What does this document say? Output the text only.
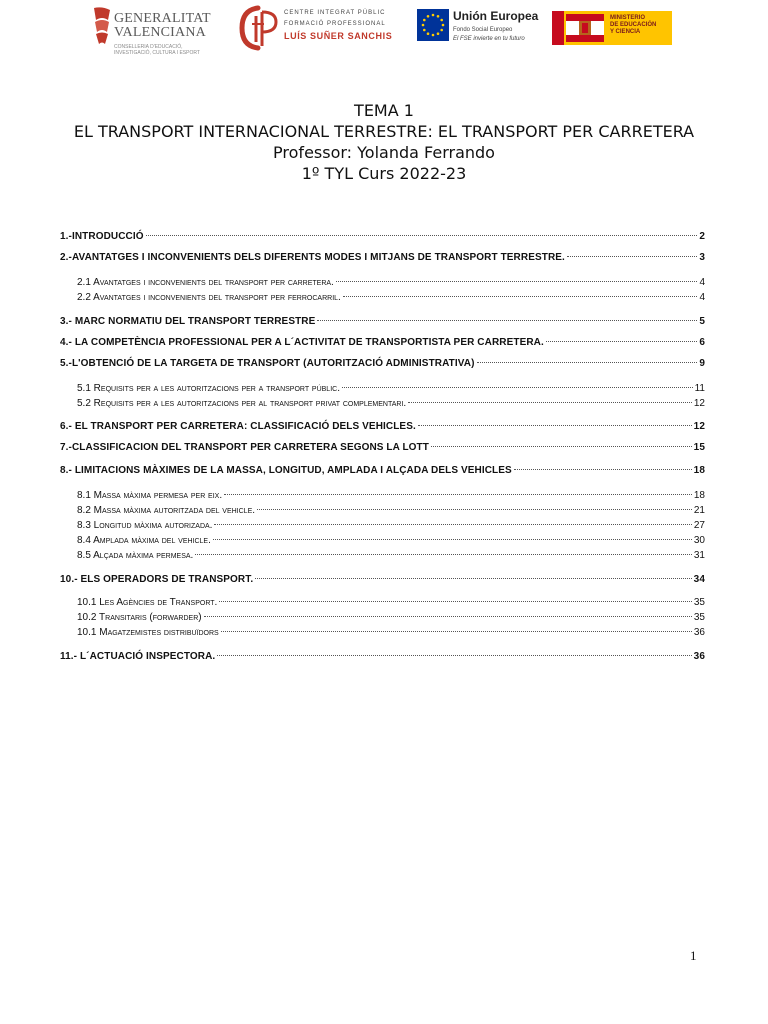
GENERALITAT
VALENCIANA
CONSELLERIA D'EDUCACIÓ,
INVESTIGACIÓ, CULTURA I ESPORT
CENTRE INTEGRAT PÚBLIC
FORMACIÓ PROFESSIONAL
LUÍS SUÑER SANCHIS
Unión Europea
Fondo Social Europeo
El FSE invierte en tu futuro
MINISTERIO
DE EDUCACIÓN
Y CIENCIA
TEMA 1
EL TRANSPORT INTERNACIONAL TERRESTRE: EL TRANSPORT PER CARRETERA
Professor: Yolanda Ferrando
1º TYL Curs 2022-23
1.-INTRODUCCIÓ	2
2.-AVANTATGES I INCONVENIENTS DELS DIFERENTS MODES I MITJANS DE TRANSPORT TERRESTRE.	3
2.1 Avantatges i inconvenients del transport per carretera.	4
2.2 Avantatges i inconvenients del transport per ferrocarril.	4
3.- MARC NORMATIU DEL TRANSPORT TERRESTRE	5
4.- LA COMPETÈNCIA PROFESSIONAL PER A L´ACTIVITAT DE TRANSPORTISTA PER CARRETERA.	6
5.-L'OBTENCIÓ DE LA TARGETA DE TRANSPORT (AUTORITZACIÓ ADMINISTRATIVA)	9
5.1 Requisits per a les autoritzacions per a transport públic.	11
5.2 Requisits per a les autoritzacions per al transport privat complementari.	12
6.- EL TRANSPORT PER CARRETERA: CLASSIFICACIÓ DELS VEHICLES.	12
7.-CLASSIFICACION DEL TRANSPORT PER CARRETERA SEGONS LA LOTT	15
8.- LIMITACIONS MÀXIMES DE LA MASSA, LONGITUD, AMPLADA I ALÇADA DELS VEHICLES	18
8.1 Massa màxima permesa per eix.	18
8.2 Massa màxima autoritzada del vehicle.	21
8.3 Longitud màxima autorizada.	27
8.4 Amplada màxima del vehicle.	30
8.5 Alçada màxima permesa.	31
10.- ELS OPERADORS DE TRANSPORT.	34
10.1 Les Agències de Transport.	35
10.2 Transitaris (forwarder)	35
10.1 Magatzemistes distribuïdors	36
11.- L´ACTUACIÓ INSPECTORA.	36
1
